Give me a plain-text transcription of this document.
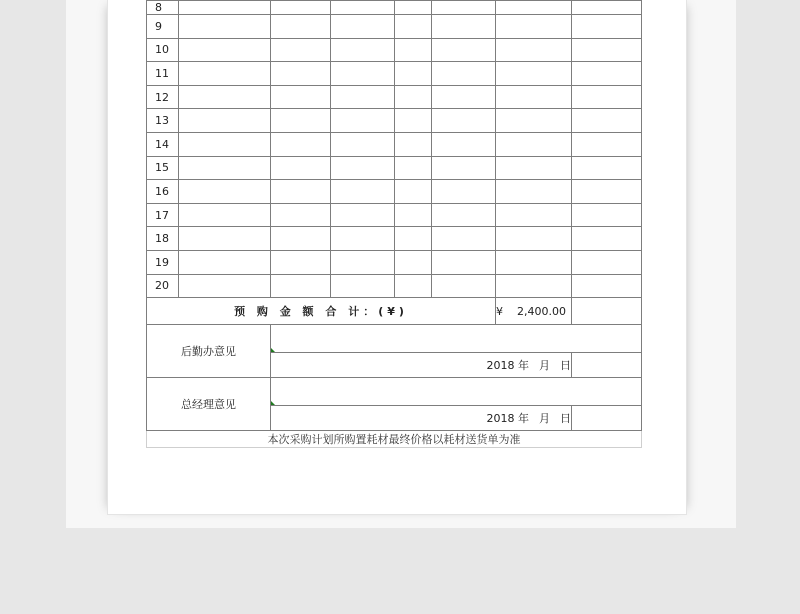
8							
9							
10							
11							
12							
13							
14							
15							
16							
17							
18							
19							
20							
预 购 金 额 合 计：(¥)						¥ 2,400.00	
后勤办意见							

		2018 年 月 日					
总经理意见							

		2018 年 月 日					
本次采购计划所购置耗材最终价格以耗材送货单为准							
